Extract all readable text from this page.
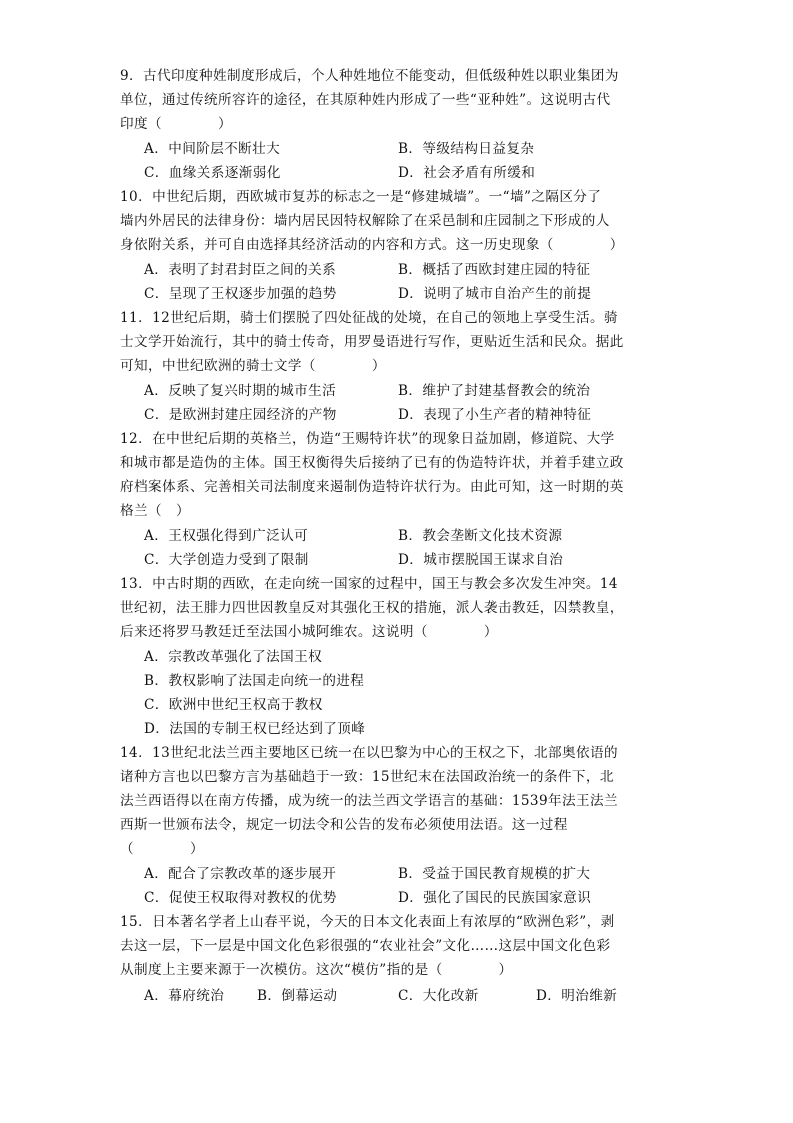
9．古代印度种姓制度形成后，个人种姓地位不能变动，但低级种姓以职业集团为
单位，通过传统所容许的途径，在其原种姓内形成了一些“亚种姓”。这说明古代
印度（　　　　）
A．中间阶层不断壮大	B．等级结构日益复杂
C．血缘关系逐渐弱化	D．社会矛盾有所缓和
10．中世纪后期，西欧城市复苏的标志之一是“修建城墙”。一“墙”之隔区分了
墙内外居民的法律身份：墙内居民因特权解除了在采邑制和庄园制之下形成的人
身依附关系，并可自由选择其经济活动的内容和方式。这一历史现象（　　　　）
A．表明了封君封臣之间的关系	B．概括了西欧封建庄园的特征
C．呈现了王权逐步加强的趋势	D．说明了城市自治产生的前提
11．12世纪后期，骑士们摆脱了四处征战的处境，在自己的领地上享受生活。骑
士文学开始流行，其中的骑士传奇，用罗曼语进行写作，更贴近生活和民众。据此
可知，中世纪欧洲的骑士文学（　　　　）
A．反映了复兴时期的城市生活	B．维护了封建基督教会的统治
C．是欧洲封建庄园经济的产物	D．表现了小生产者的精神特征
12．在中世纪后期的英格兰，伪造“王赐特许状”的现象日益加剧，修道院、大学
和城市都是造伪的主体。国王权衡得失后接纳了已有的伪造特许状，并着手建立政
府档案体系、完善相关司法制度来遏制伪造特许状行为。由此可知，这一时期的英
格兰（　）
A．王权强化得到广泛认可	B．教会垄断文化技术资源
C．大学创造力受到了限制	D．城市摆脱国王谋求自治
13．中古时期的西欧，在走向统一国家的过程中，国王与教会多次发生冲突。14
世纪初，法王腓力四世因教皇反对其强化王权的措施，派人袭击教廷，囚禁教皇，
后来还将罗马教廷迁至法国小城阿维农。这说明（　　　　）
A．宗教改革强化了法国王权
B．教权影响了法国走向统一的进程
C．欧洲中世纪王权高于教权
D．法国的专制王权已经达到了顶峰
14．13世纪北法兰西主要地区已统一在以巴黎为中心的王权之下，北部奥依语的
诸种方言也以巴黎方言为基础趋于一致：15世纪末在法国政治统一的条件下，北
法兰西语得以在南方传播，成为统一的法兰西文学语言的基础：1539年法王法兰
西斯一世颁布法令，规定一切法令和公告的发布必须使用法语。这一过程
（　　　　）
A．配合了宗教改革的逐步展开	B．受益于国民教育规模的扩大
C．促使王权取得对教权的优势	D．强化了国民的民族国家意识
15．日本著名学者上山春平说，今天的日本文化表面上有浓厚的“欧洲色彩”，剥
去这一层，下一层是中国文化色彩很强的“农业社会”文化……这层中国文化色彩
从制度上主要来源于一次模仿。这次“模仿”指的是（　　　　）
A．幕府统治 B．倒幕运动	C．大化改新	D．明治维新
